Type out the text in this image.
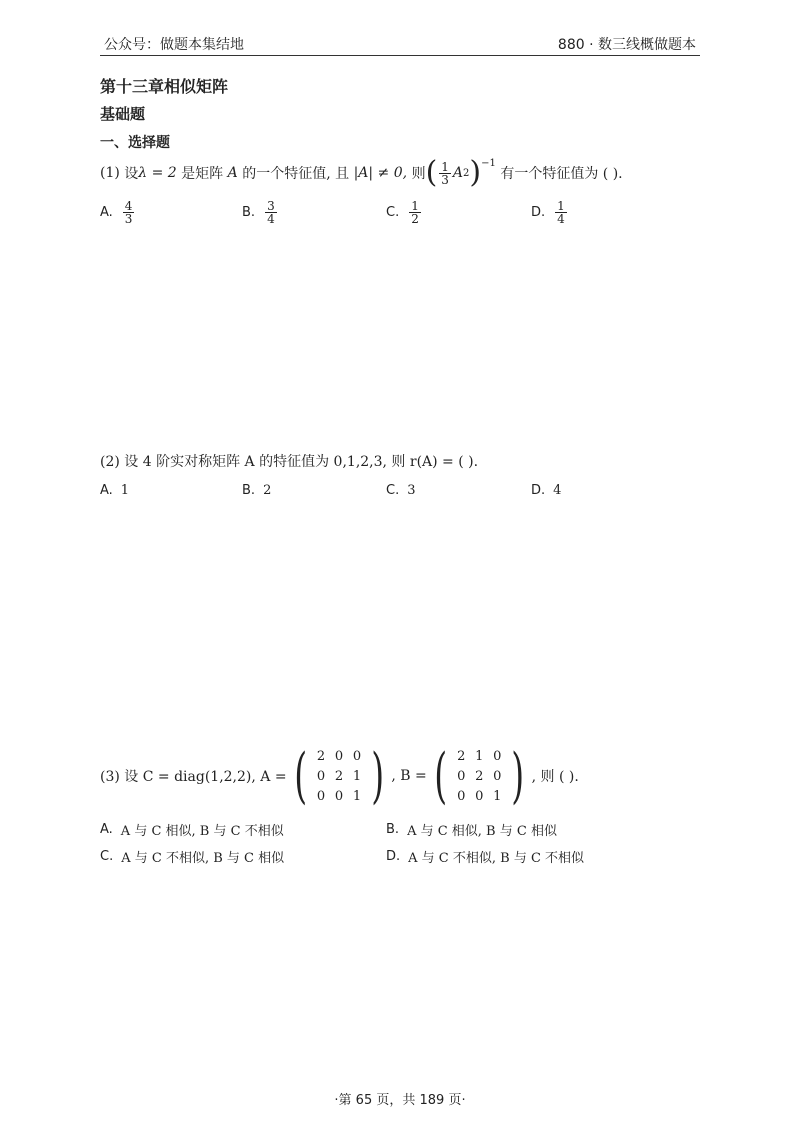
公众号：做题本集结地	880 · 数三线概做题本
第十三章相似矩阵
基础题
一、选择题
(1)
设 λ = 2
是矩阵
A
的一个特征值, 且
|A| ≠ 0,
则 ( $\frac{1}{3}$ A 2 ) −1

有一个特征值为 ( ).
A. $\frac{4}{3}$	B. $\frac{3}{4}$	C. $\frac{1}{2}$	D. $\frac{1}{4}$
(2) 设 4 阶实对称矩阵 A 的特征值为 0,1,2,3, 则 r(A) = ( ).
A. 1	B. 2	C. 3	D. 4
(3) 设 C = diag(1,2,2), A = ( 2 0 0
0 2 1
0 0 1 ) , B = ( 2 1 0
0 2 0
0 0 1 ) , 则 ( ).
A. A 与 C 相似, B 与 C 不相似	B. A 与 C 相似, B 与 C 相似
C. A 与 C 不相似, B 与 C 相似	D. A 与 C 不相似, B 与 C 不相似
·第 65 页，共 189 页·
